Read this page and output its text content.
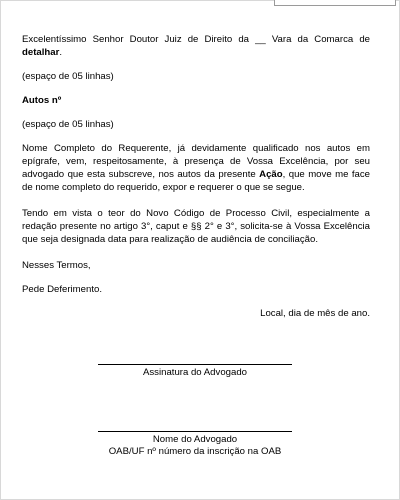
Excelentíssimo Senhor Doutor Juiz de Direito da __ Vara da Comarca de detalhar.

(espaço de 05 linhas)

Autos nº

(espaço de 05 linhas)

Nome Completo do Requerente, já devidamente qualificado nos autos em epígrafe, vem, respeitosamente, à presença de Vossa Excelência, por seu advogado que esta subscreve, nos autos da presente Ação, que move me face de nome completo do requerido, expor e requerer o que se segue.

Tendo em vista o teor do Novo Código de Processo Civil, especialmente a redação presente no artigo 3°, caput e §§ 2° e 3°, solicita-se à Vossa Excelência que seja designada data para realização de audiência de conciliação.

Nesses Termos,

Pede Deferimento.

Local, dia de mês de ano.

Assinatura do Advogado
Nome do Advogado
OAB/UF nº número da inscrição na OAB
